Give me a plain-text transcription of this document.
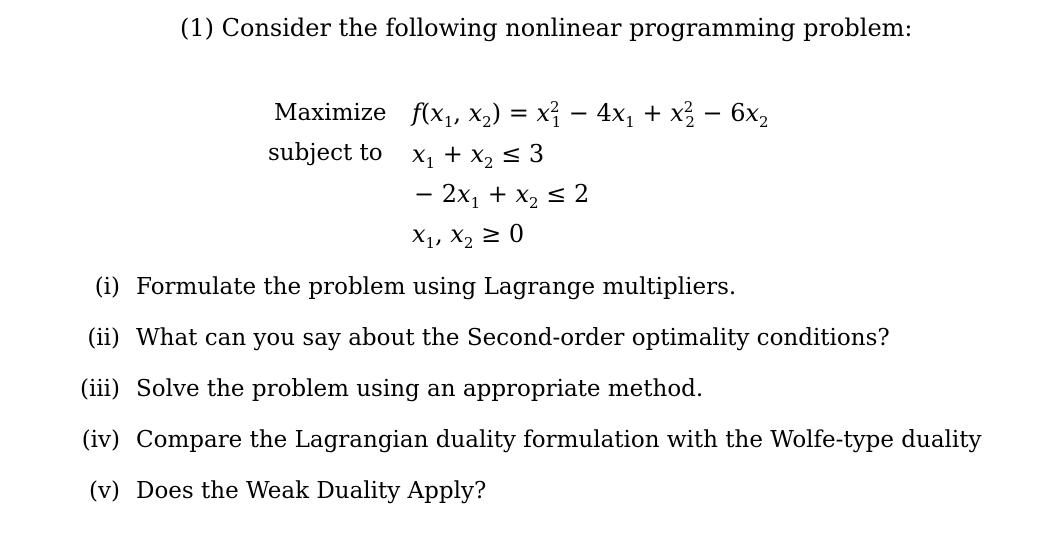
(1) Consider the following nonlinear programming problem:
Maximize
subject to
$f(x_1$, $x_2) = x^2_1 - 4x_1 + x^2_2 - 6x_2$
$x_1 + x_2 \le 3$
− $2x_1 + x_2 \le 2$
$x_1$, $x_2 \ge 0$
(i) Formulate the problem using Lagrange multipliers.
(ii) What can you say about the Second-order optimality conditions?
(iii) Solve the problem using an appropriate method.
(iv) Compare the Lagrangian duality formulation with the Wolfe-type duality
(v) Does the Weak Duality Apply?
